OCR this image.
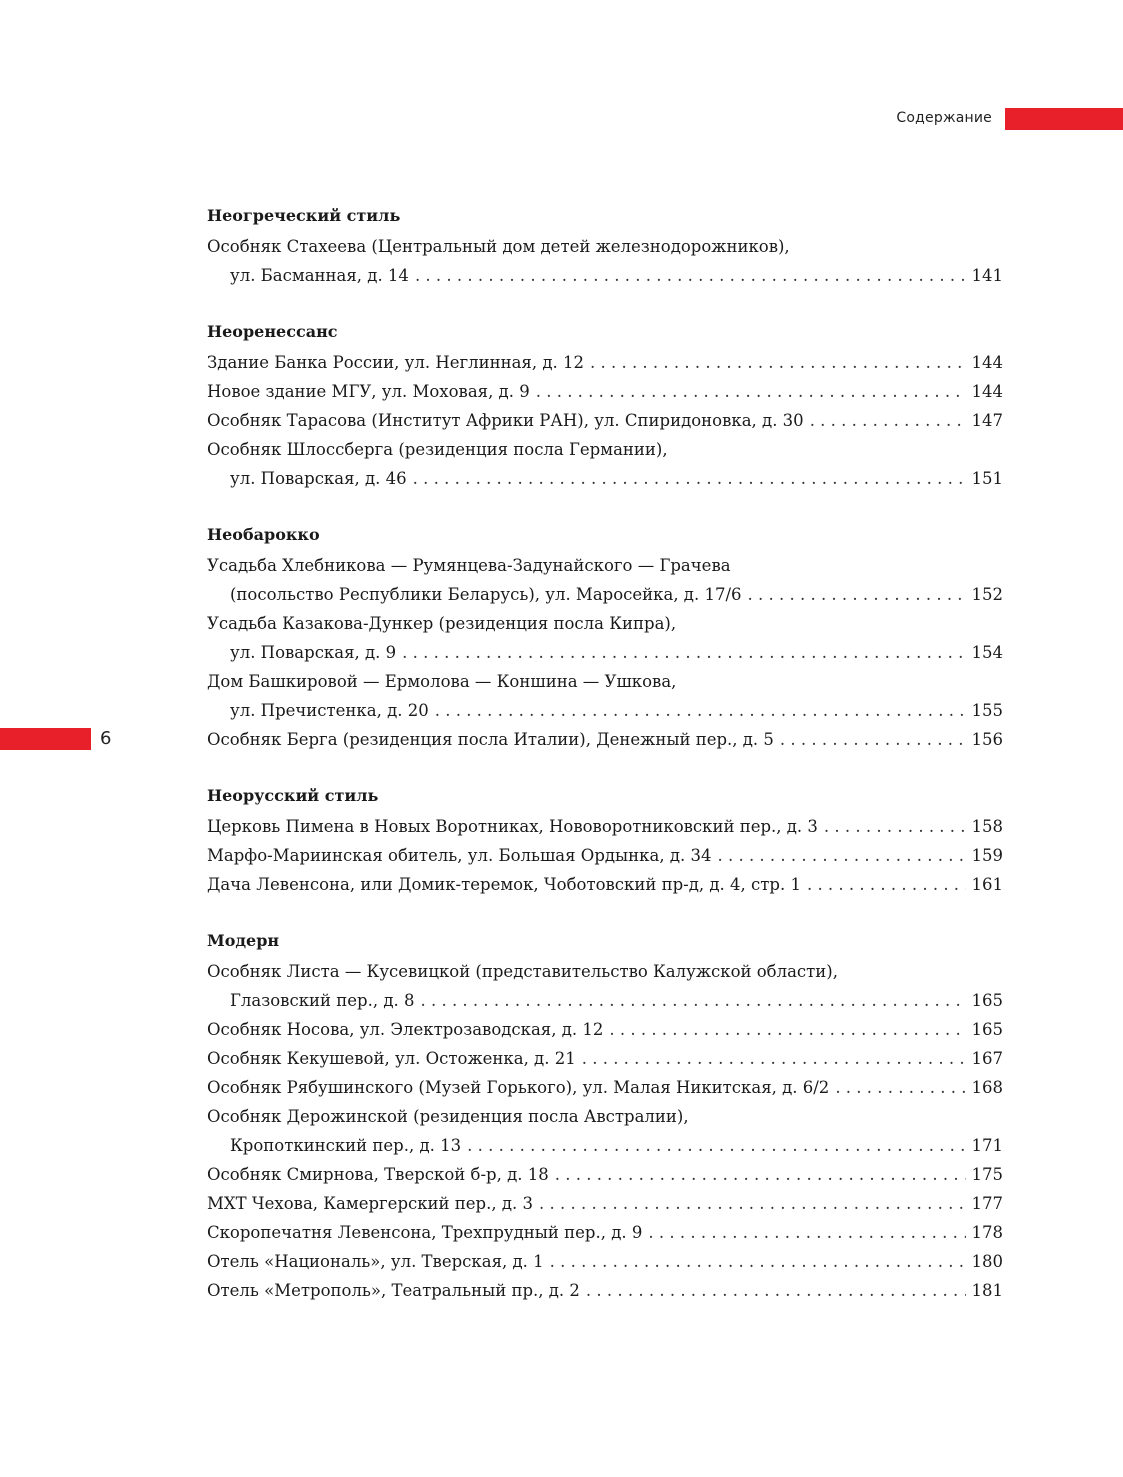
Содержание
6
Неогреческий стиль
Особняк Стахеева (Центральный дом детей железнодорожников),
ул. Басманная, д. 14 . . .	141
Неоренессанс
Здание Банка России, ул. Неглинная, д. 12 . . .	144
Новое здание МГУ, ул. Моховая, д. 9 . . .	144
Особняк Тарасова (Институт Африки РАН), ул. Спиридоновка, д. 30 . . .	147
Особняк Шлоссберга (резиденция посла Германии),
ул. Поварская, д. 46 . . .	151
Необарокко
Усадьба Хлебникова — Румянцева-Задунайского — Грачева
(посольство Республики Беларусь), ул. Маросейка, д. 17/6 . . .	152
Усадьба Казакова-Дункер (резиденция посла Кипра),
ул. Поварская, д. 9 . . .	154
Дом Башкировой — Ермолова — Коншина — Ушкова,
ул. Пречистенка, д. 20 . . .	155
Особняк Берга (резиденция посла Италии), Денежный пер., д. 5 . . .	156
Неорусский стиль
Церковь Пимена в Новых Воротниках, Нововоротниковский пер., д. 3 . . .	158
Марфо-Мариинская обитель, ул. Большая Ордынка, д. 34 . . .	159
Дача Левенсона, или Домик-теремок, Чоботовский пр-д, д. 4, стр. 1 . . .	161
Модерн
Особняк Листа — Кусевицкой (представительство Калужской области),
Глазовский пер., д. 8 . . .	165
Особняк Носова, ул. Электрозаводская, д. 12 . . .	165
Особняк Кекушевой, ул. Остоженка, д. 21 . . .	167
Особняк Рябушинского (Музей Горького), ул. Малая Никитская, д. 6/2 . . .	168
Особняк Дерожинской (резиденция посла Австралии),
Кропоткинский пер., д. 13 . . .	171
Особняк Смирнова, Тверской б-р, д. 18 . . .	175
МХТ Чехова, Камергерский пер., д. 3 . . .	177
Скоропечатня Левенсона, Трехпрудный пер., д. 9 . . .	178
Отель «Националь», ул. Тверская, д. 1 . . .	180
Отель «Метрополь», Театральный пр., д. 2 . . .	181
